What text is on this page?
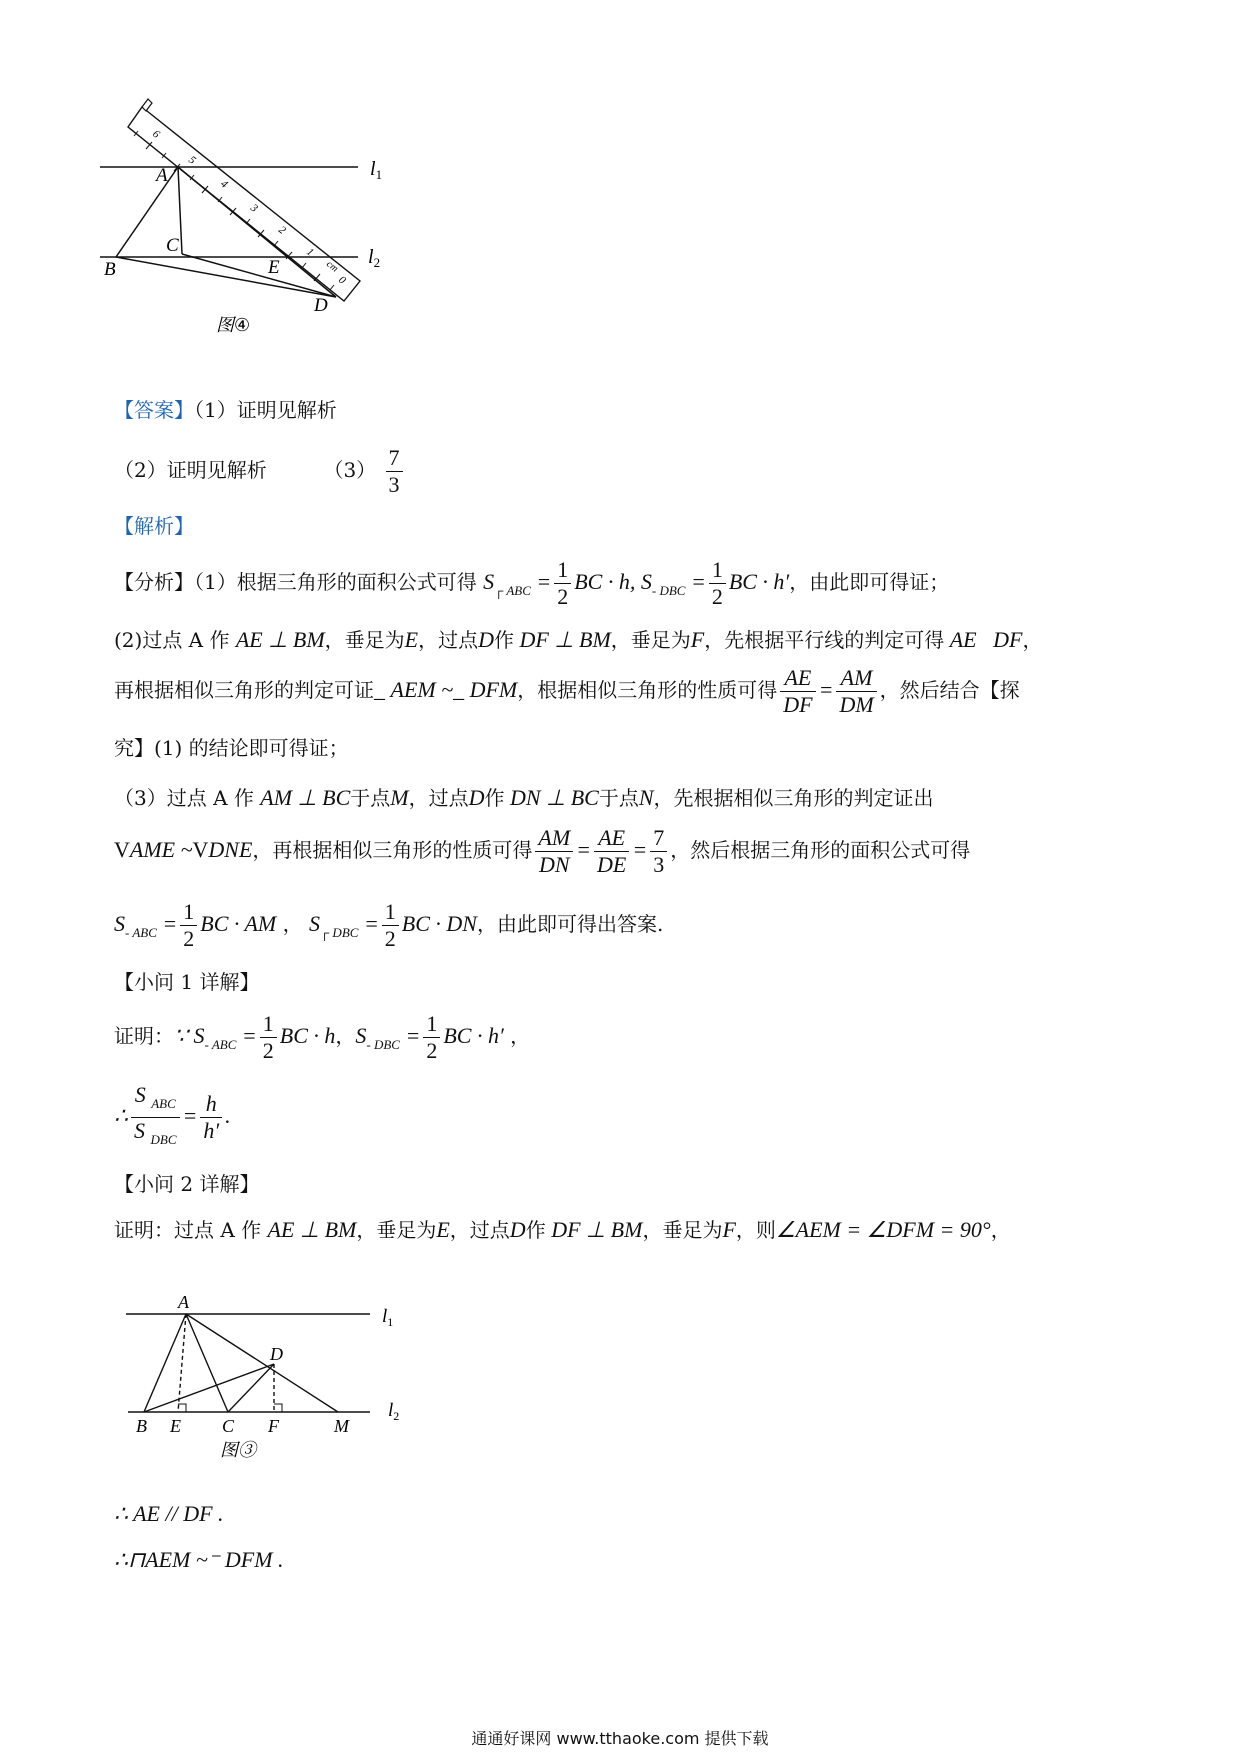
6
5
4
3
2
1
cm
0
$l_1$
$l_2$
A
B
C
E
D
图④
【答案】（1）证明见解析
（2）证明见解析	$(3) \frac{7}{3}$
【解析】
【分析】（1）根据三角形的面积公式可得 $S_{┌ ABC} = \frac{1}{2}$ BC · h, $S_{- DBC} = \frac{1}{2}$ BC · h′，由此即可得证；
(2)过点 A 作 AE ⊥ BM，垂足为E，过点D作 DF ⊥ BM，垂足为F，先根据平行线的判定可得 AE   DF，
再根据相似三角形的判定可证_ AEM ~_ DFM，根据相似三角形的性质可得 $\frac{AE}{DF} = \frac{AM}{DM}$ ，然后结合【探
究】(1) 的结论即可得证；
（3）过点 A 作 AM ⊥ BC于点M，过点D作 DN ⊥ BC于点N，先根据相似三角形的判定证出
VAME ~VDNE，再根据相似三角形的性质可得 $\frac{AM}{DN} = \frac{AE}{DE} = \frac{7}{3}$ ，然后根据三角形的面积公式可得
$S_{- ABC} = \frac{1}{2}$ BC · AM ， $S_{┌ DBC} = \frac{1}{2}$ BC · DN，由此即可得出答案.
【小问 1 详解】
证明：∵ $S_{- ABC} = \frac{1}{2}$ BC · h，$S_{- DBC} = \frac{1}{2}$ BC · h′ ，
∴ $\frac{S _{ABC}}{S _{DBC}} = \frac{h}{h'}$ .
【小问 2 详解】
证明：过点 A 作 AE ⊥ BM，垂足为E，过点D作 DF ⊥ BM，垂足为F，则∠AEM = ∠DFM = 90°，
$l_1$
$l_2$
A
D
B E C F	M
图③
∴ AE // DF .
∴⊓AEM ~⁻ DFM .
通通好课网 www.tthaoke.com 提供下载
